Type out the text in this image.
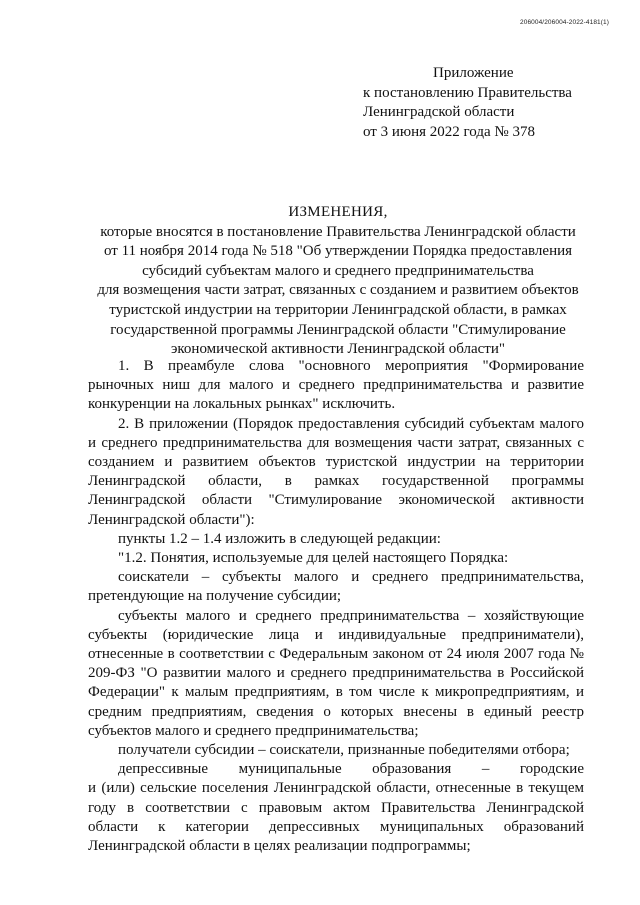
206004/206004-2022-4181(1)
Приложение
к постановлению Правительства
Ленинградской области
от 3 июня 2022 года № 378
ИЗМЕНЕНИЯ,
которые вносятся в постановление Правительства Ленинградской области
от 11 ноября 2014 года № 518 "Об утверждении Порядка предоставления
субсидий субъектам малого и среднего предпринимательства
для возмещения части затрат, связанных с созданием и развитием объектов
туристской индустрии на территории Ленинградской области, в рамках
государственной программы Ленинградской области "Стимулирование
экономической активности Ленинградской области"

1. В преамбуле слова "основного мероприятия "Формирование рыночных ниш для малого и среднего предпринимательства и развитие конкуренции на локальных рынках" исключить.

2. В приложении (Порядок предоставления субсидий субъектам малого и среднего предпринимательства для возмещения части затрат, связанных с созданием и развитием объектов туристской индустрии на территории Ленинградской области, в рамках государственной программы Ленинградской области "Стимулирование экономической активности Ленинградской области"):

пункты 1.2 – 1.4 изложить в следующей редакции:

"1.2. Понятия, используемые для целей настоящего Порядка:

соискатели – субъекты малого и среднего предпринимательства, претендующие на получение субсидии;

субъекты малого и среднего предпринимательства – хозяйствующие субъекты (юридические лица и индивидуальные предприниматели), отнесенные в соответствии с Федеральным законом от 24 июля 2007 года № 209-ФЗ "О развитии малого и среднего предпринимательства в Российской Федерации" к малым предприятиям, в том числе к микропредприятиям, и средним предприятиям, сведения о которых внесены в единый реестр субъектов малого и среднего предпринимательства;

получатели субсидии – соискатели, признанные победителями отбора;

депрессивные муниципальные образования – городские

и (или) сельские поселения Ленинградской области, отнесенные в текущем году в соответствии с правовым актом Правительства Ленинградской области к категории депрессивных муниципальных образований Ленинградской области в целях реализации подпрограммы;
